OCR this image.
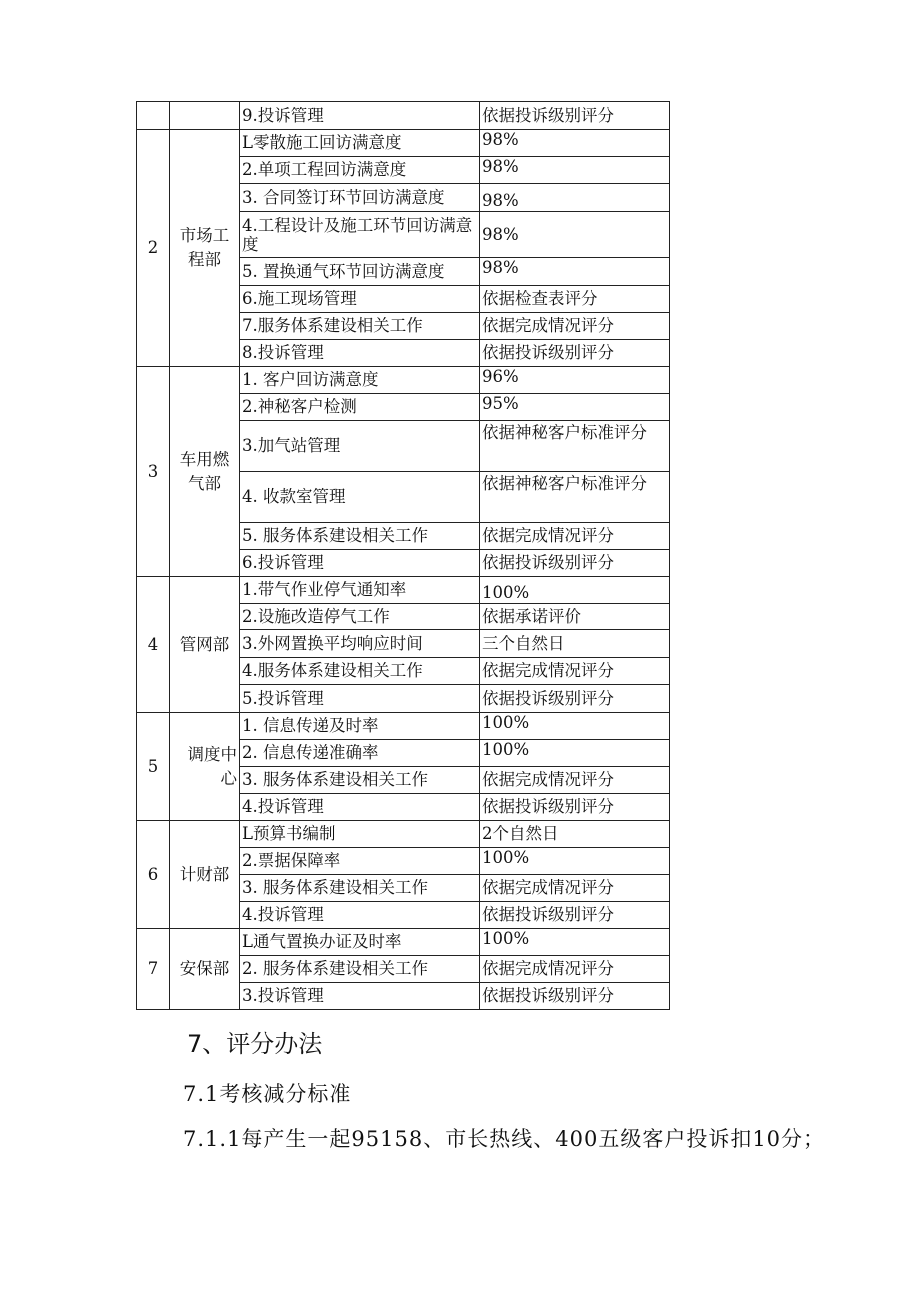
		9.投诉管理	依据投诉级别评分
2	市场工程部	L零散施工回访满意度	98%
		2.单项工程回访满意度	98%
		3. 合同签订环节回访满意度	98%
		4.工程设计及施工环节回访满意度	98%
		5. 置换通气环节回访满意度	98%
		6.施工现场管理	依据检查表评分
		7.服务体系建设相关工作	依据完成情况评分
		8.投诉管理	依据投诉级别评分
3	车用燃气部	1. 客户回访满意度	96%
		2.神秘客户检测	95%
		3.加气站管理	依据神秘客户标准评分
		4. 收款室管理	依据神秘客户标准评分
		5. 服务体系建设相关工作	依据完成情况评分
		6.投诉管理	依据投诉级别评分
4	管网部	1.带气作业停气通知率	100%
		2.设施改造停气工作	依据承诺评价
		3.外网置换平均响应时间	三个自然日
		4.服务体系建设相关工作	依据完成情况评分
		5.投诉管理	依据投诉级别评分
5	调度中心	1. 信息传递及时率	100%
		2. 信息传递准确率	100%
		3. 服务体系建设相关工作	依据完成情况评分
		4.投诉管理	依据投诉级别评分
6	计财部	L预算书编制	2个自然日
		2.票据保障率	100%
		3. 服务体系建设相关工作	依据完成情况评分
		4.投诉管理	依据投诉级别评分
7	安保部	L通气置换办证及时率	100%
		2. 服务体系建设相关工作	依据完成情况评分
		3.投诉管理	依据投诉级别评分
7、评分办法
7.1考核减分标准
7.1.1每产生一起95158、市长热线、400五级客户投诉扣10分；
